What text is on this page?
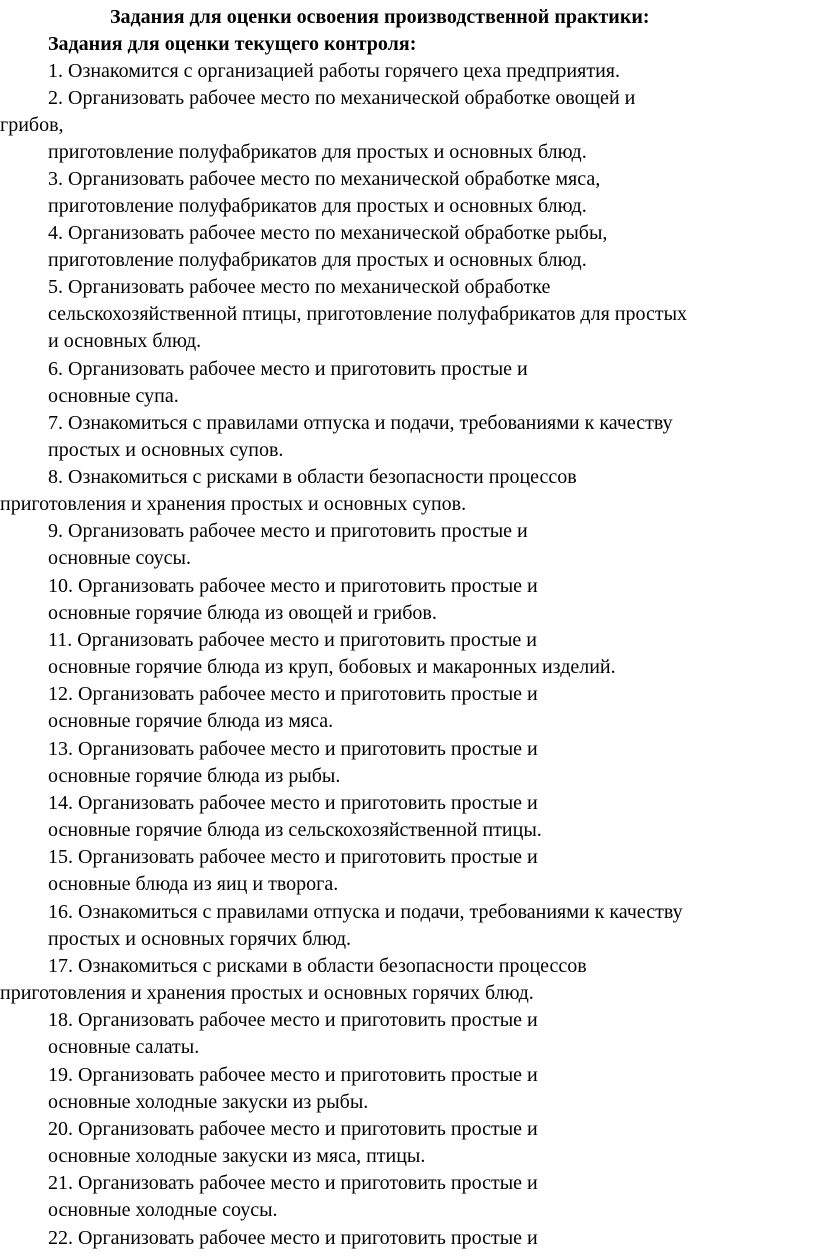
Задания для оценки освоения производственной практики:

Задания для оценки текущего контроля:

1. Ознакомится с организацией работы горячего цеха предприятия.

2. Организовать рабочее место по механической обработке овощей и

грибов,

приготовление полуфабрикатов для простых и основных блюд.

3. Организовать рабочее место по механической обработке мяса,

приготовление полуфабрикатов для простых и основных блюд.

4. Организовать рабочее место по механической обработке рыбы,

приготовление полуфабрикатов для простых и основных блюд.

5. Организовать рабочее место по механической обработке

сельскохозяйственной птицы, приготовление полуфабрикатов для простых

и основных блюд.

6. Организовать рабочее место и приготовить простые и

основные супа.

7. Ознакомиться с правилами отпуска и подачи, требованиями к качеству

простых и основных супов.

8. Ознакомиться с рисками в области безопасности процессов

приготовления и хранения простых и основных супов.

9. Организовать рабочее место и приготовить простые и

основные соусы.

10. Организовать рабочее место и приготовить простые и

основные горячие блюда из овощей и грибов.

11. Организовать рабочее место и приготовить простые и

основные горячие блюда из круп, бобовых и макаронных изделий.

12. Организовать рабочее место и приготовить простые и

основные горячие блюда из мяса.

13. Организовать рабочее место и приготовить простые и

основные горячие блюда из рыбы.

14. Организовать рабочее место и приготовить простые и

основные горячие блюда из сельскохозяйственной птицы.

15. Организовать рабочее место и приготовить простые и

основные блюда из яиц и творога.

16. Ознакомиться с правилами отпуска и подачи, требованиями к качеству

простых и основных горячих блюд.

17. Ознакомиться с рисками в области безопасности процессов

приготовления и хранения простых и основных горячих блюд.

18. Организовать рабочее место и приготовить простые и

основные салаты.

19. Организовать рабочее место и приготовить простые и

основные холодные закуски из рыбы.

20. Организовать рабочее место и приготовить простые и

основные холодные закуски из мяса, птицы.

21. Организовать рабочее место и приготовить простые и

основные холодные соусы.

22. Организовать рабочее место и приготовить простые и
